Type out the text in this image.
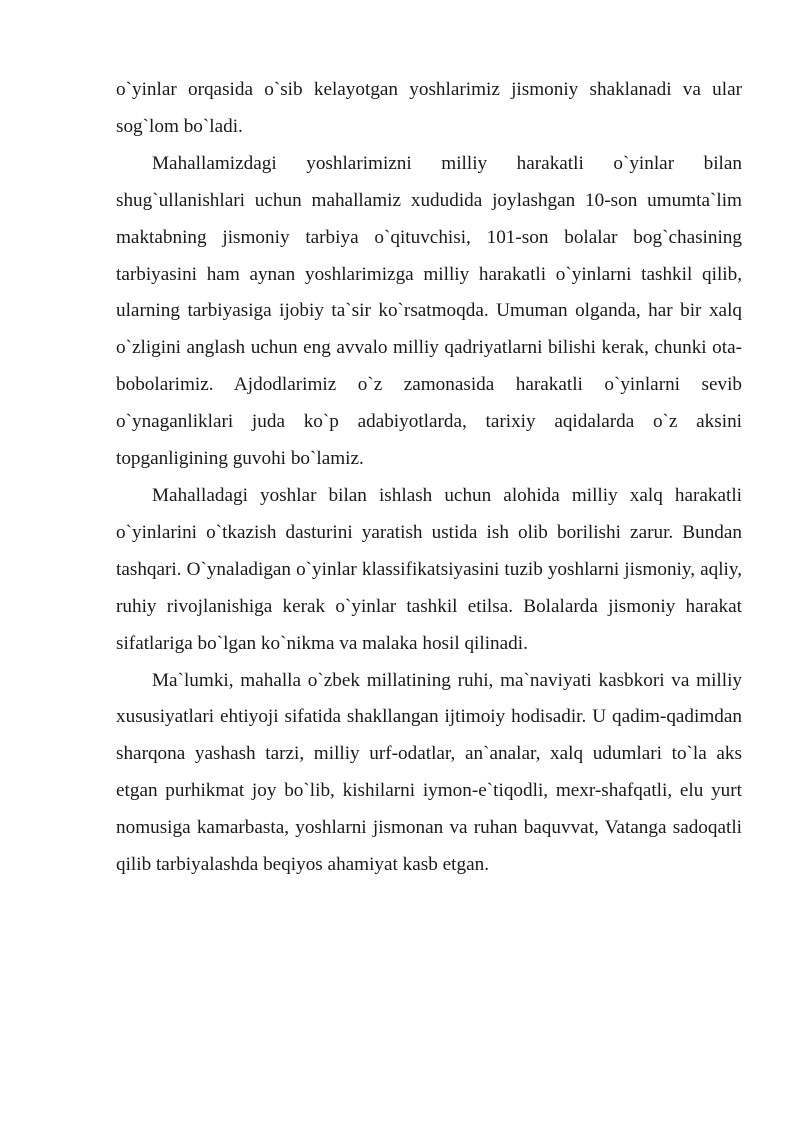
o`yinlar orqasida o`sib kelayotgan yoshlarimiz jismoniy shaklanadi va ular sog`lom bo`ladi.

Mahallamizdagi yoshlarimizni milliy harakatli o`yinlar bilan shug`ullanishlari uchun mahallamiz xududida joylashgan 10-son umumta`lim maktabning jismoniy tarbiya o`qituvchisi, 101-son bolalar bog`chasining tarbiyasini ham aynan yoshlarimizga milliy harakatli o`yinlarni tashkil qilib, ularning tarbiyasiga ijobiy ta`sir ko`rsatmoqda. Umuman olganda, har bir xalq o`zligini anglash uchun eng avvalo milliy qadriyatlarni bilishi kerak, chunki ota-bobolarimiz. Ajdodlarimiz o`z zamonasida harakatli o`yinlarni sevib o`ynaganliklari juda ko`p adabiyotlarda, tarixiy aqidalarda o`z aksini topganligining guvohi bo`lamiz.

Mahalladagi yoshlar bilan ishlash uchun alohida milliy xalq harakatli o`yinlarini o`tkazish dasturini yaratish ustida ish olib borilishi zarur. Bundan tashqari. O`ynaladigan o`yinlar klassifikatsiyasini tuzib yoshlarni jismoniy, aqliy, ruhiy rivojlanishiga kerak o`yinlar tashkil etilsa. Bolalarda jismoniy harakat sifatlariga bo`lgan ko`nikma va malaka hosil qilinadi.

Ma`lumki, mahalla o`zbek millatining ruhi, ma`naviyati kasbkori va milliy xususiyatlari ehtiyoji sifatida shakllangan ijtimoiy hodisadir. U qadim-qadimdan sharqona yashash tarzi, milliy urf-odatlar, an`analar, xalq udumlari to`la aks etgan purhikmat joy bo`lib, kishilarni iymon-e`tiqodli, mexr-shafqatli, elu yurt nomusiga kamarbasta, yoshlarni jismonan va ruhan baquvvat, Vatanga sadoqatli qilib tarbiyalashda beqiyos ahamiyat kasb etgan.
